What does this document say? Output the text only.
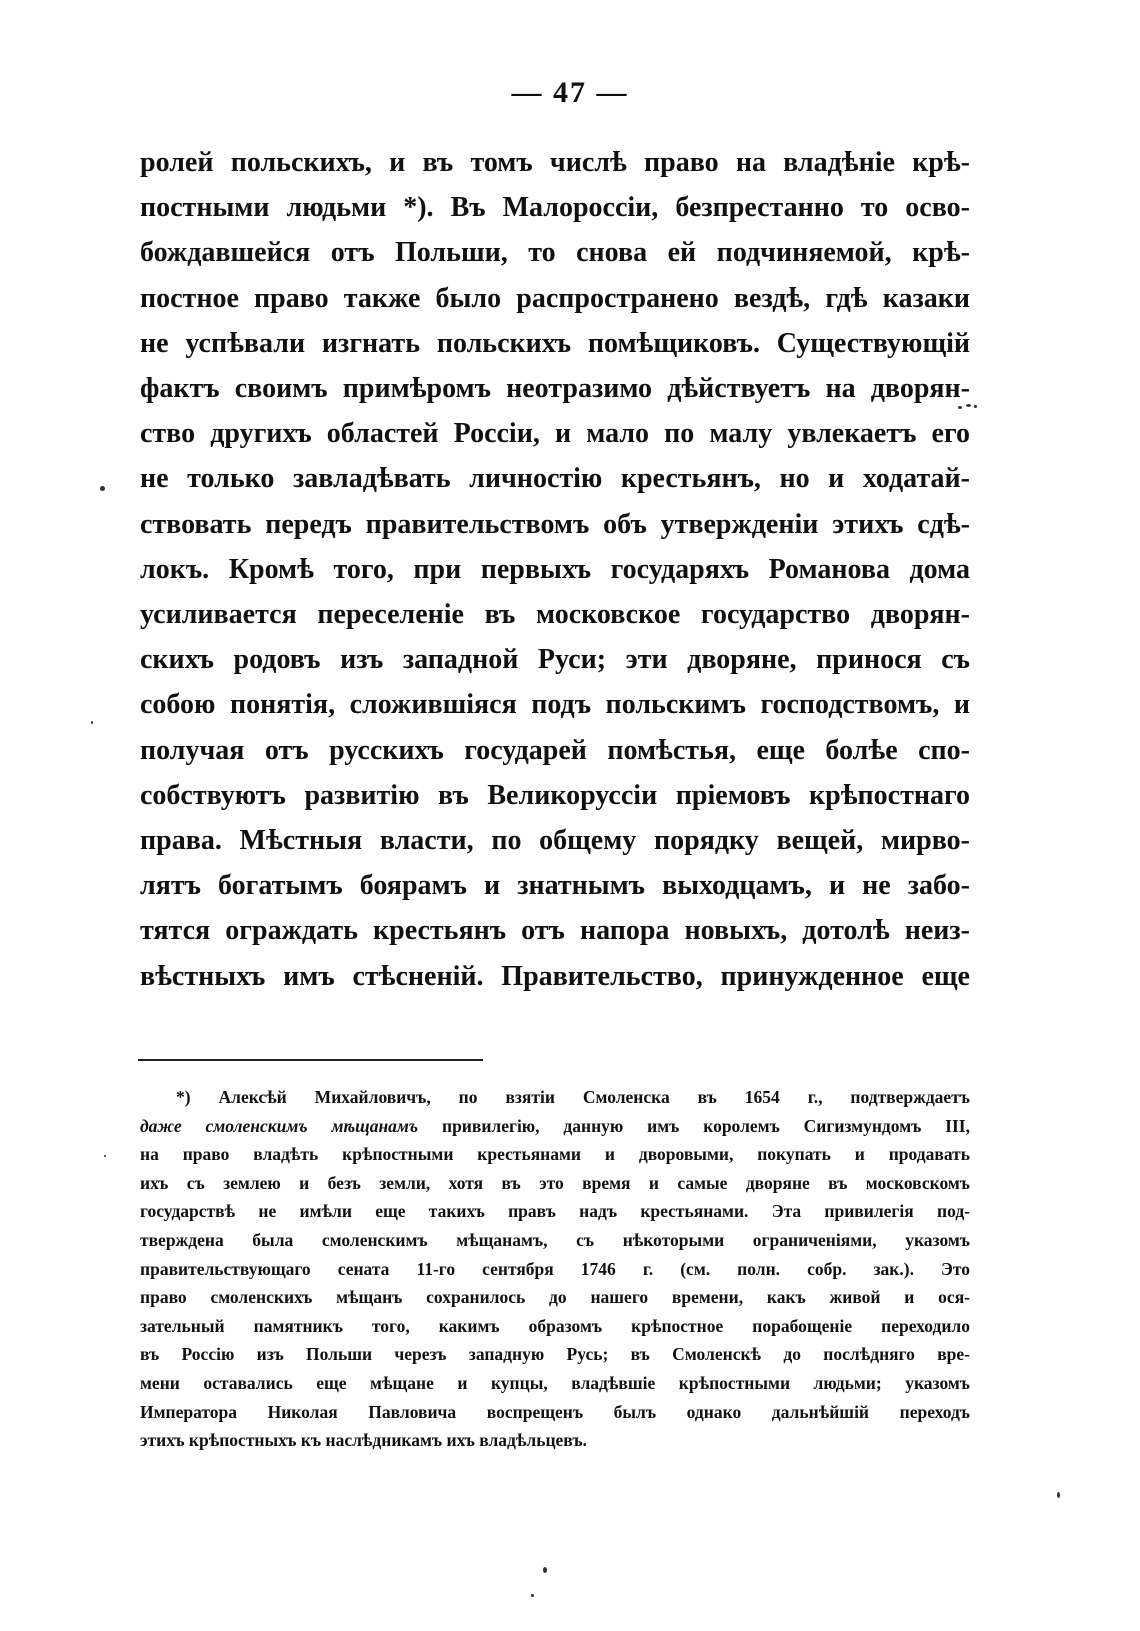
— 47 —
ролей польскихъ, и въ томъ числѣ право на владѣніе крѣ-
постными людьми *). Въ Малороссіи, безпрестанно то осво-
бождавшейся отъ Польши, то снова ей подчиняемой, крѣ-
постное право также было распространено вездѣ, гдѣ казаки
не успѣвали изгнать польскихъ помѣщиковъ. Существующій
фактъ своимъ примѣромъ неотразимо дѣйствуетъ на дворян-
ство другихъ областей Россіи, и мало по малу увлекаетъ его
не только завладѣвать личностію крестьянъ, но и ходатай-
ствовать передъ правительствомъ объ утвержденіи этихъ сдѣ-
локъ. Кромѣ того, при первыхъ государяхъ Романова дома
усиливается переселеніе въ московское государство дворян-
скихъ родовъ изъ западной Руси; эти дворяне, принося съ
собою понятія, сложившіяся подъ польскимъ господствомъ, и
получая отъ русскихъ государей помѣстья, еще болѣе спо-
собствуютъ развитію въ Великоруссіи пріемовъ крѣпостнаго
права. Мѣстныя власти, по общему порядку вещей, мирво-
лятъ богатымъ боярамъ и знатнымъ выходцамъ, и не забо-
тятся ограждать крестьянъ отъ напора новыхъ, дотолѣ неиз-
вѣстныхъ имъ стѣсненій. Правительство, принужденное еще
*) Алексѣй Михайловичъ, по взятіи Смоленска въ 1654 г., подтверждаетъ
даже смоленскимъ мѣщанамъ привилегію, данную имъ королемъ Сигизмундомъ III,
на право владѣть крѣпостными крестьянами и дворовыми, покупать и продавать
ихъ съ землею и безъ земли, хотя въ это время и самые дворяне въ московскомъ
государствѣ не имѣли еще такихъ правъ надъ крестьянами. Эта привилегія под-
тверждена была смоленскимъ мѣщанамъ, съ нѣкоторыми ограниченіями, указомъ
правительствующаго сената 11-го сентября 1746 г. (см. полн. собр. зак.). Это
право смоленскихъ мѣщанъ сохранилось до нашего времени, какъ живой и ося-
зательный памятникъ того, какимъ образомъ крѣпостное порабощеніе переходило
въ Россію изъ Польши черезъ западную Русь; въ Смоленскѣ до послѣдняго вре-
мени оставались еще мѣщане и купцы, владѣвшіе крѣпостными людьми; указомъ
Императора Николая Павловича воспрещенъ былъ однако дальнѣйшій переходъ
этихъ крѣпостныхъ къ наслѣдникамъ ихъ владѣльцевъ.
